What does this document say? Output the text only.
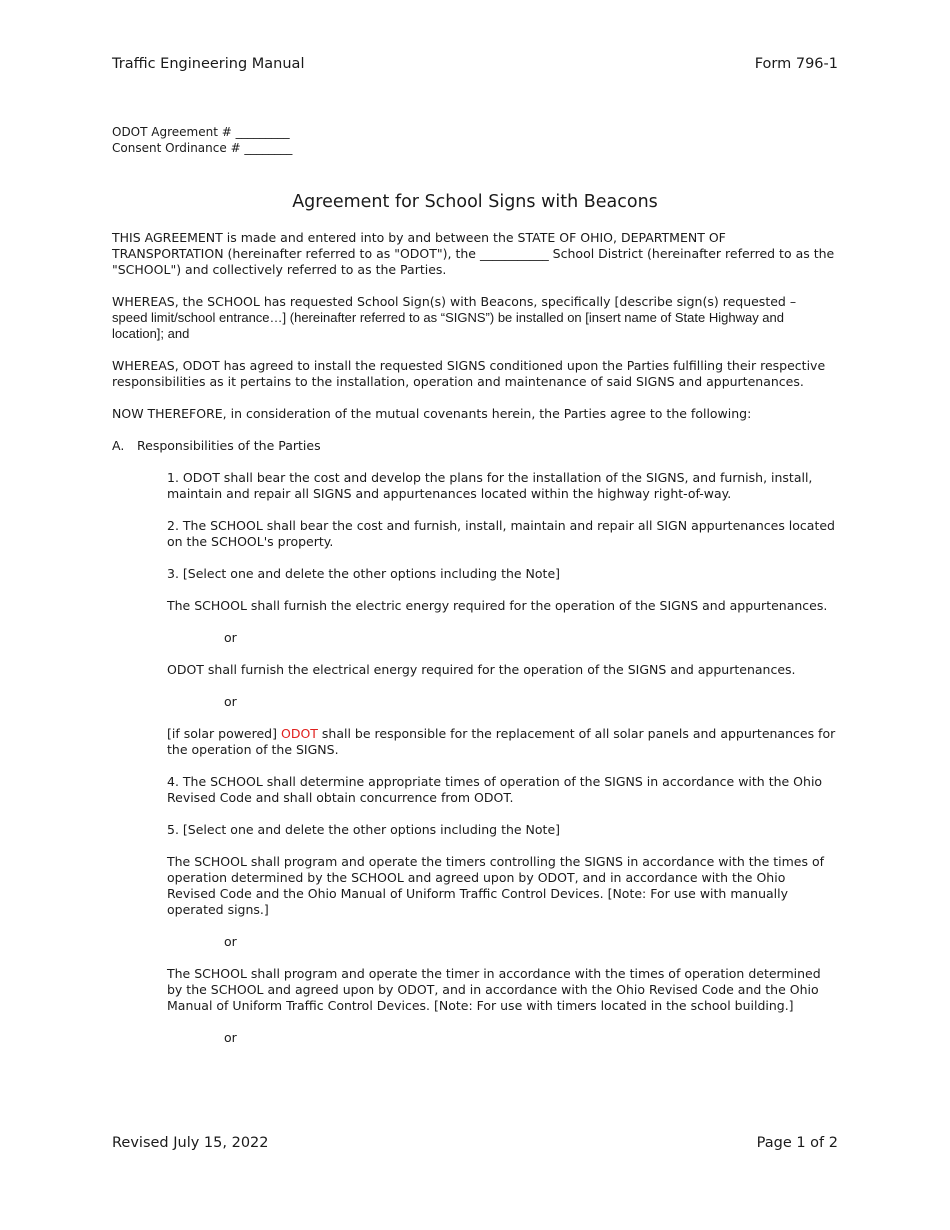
Traffic Engineering Manual	Form 796-1
ODOT Agreement # _________
Consent Ordinance # ________
Agreement for School Signs with Beacons

THIS AGREEMENT is made and entered into by and between the STATE OF OHIO, DEPARTMENT OF TRANSPORTATION (hereinafter referred to as "ODOT"), the ___________ School District (hereinafter referred to as the "SCHOOL") and collectively referred to as the Parties.

WHEREAS, the SCHOOL has requested School Sign(s) with Beacons, specifically [describe sign(s) requested –
speed limit/school entrance…] (hereinafter referred to as “SIGNS”) be installed on [insert name of State Highway and location]; and

WHEREAS, ODOT has agreed to install the requested SIGNS conditioned upon the Parties fulfilling their respective responsibilities as it pertains to the installation, operation and maintenance of said SIGNS and appurtenances.

NOW THEREFORE, in consideration of the mutual covenants herein, the Parties agree to the following:

A. Responsibilities of the Parties

1. ODOT shall bear the cost and develop the plans for the installation of the SIGNS, and furnish, install, maintain and repair all SIGNS and appurtenances located within the highway right-of-way.

2. The SCHOOL shall bear the cost and furnish, install, maintain and repair all SIGN appurtenances located on the SCHOOL's property.

3. [Select one and delete the other options including the Note]

The SCHOOL shall furnish the electric energy required for the operation of the SIGNS and appurtenances.

or

ODOT shall furnish the electrical energy required for the operation of the SIGNS and appurtenances.

or

[if solar powered] ODOT shall be responsible for the replacement of all solar panels and appurtenances for the operation of the SIGNS.

4. The SCHOOL shall determine appropriate times of operation of the SIGNS in accordance with the Ohio Revised Code and shall obtain concurrence from ODOT.

5. [Select one and delete the other options including the Note]

The SCHOOL shall program and operate the timers controlling the SIGNS in accordance with the times of operation determined by the SCHOOL and agreed upon by ODOT, and in accordance with the Ohio Revised Code and the Ohio Manual of Uniform Traffic Control Devices. [Note: For use with manually operated signs.]

or

The SCHOOL shall program and operate the timer in accordance with the times of operation determined by the SCHOOL and agreed upon by ODOT, and in accordance with the Ohio Revised Code and the Ohio Manual of Uniform Traffic Control Devices. [Note: For use with timers located in the school building.]

or

Revised July 15, 2022	Page 1 of 2
